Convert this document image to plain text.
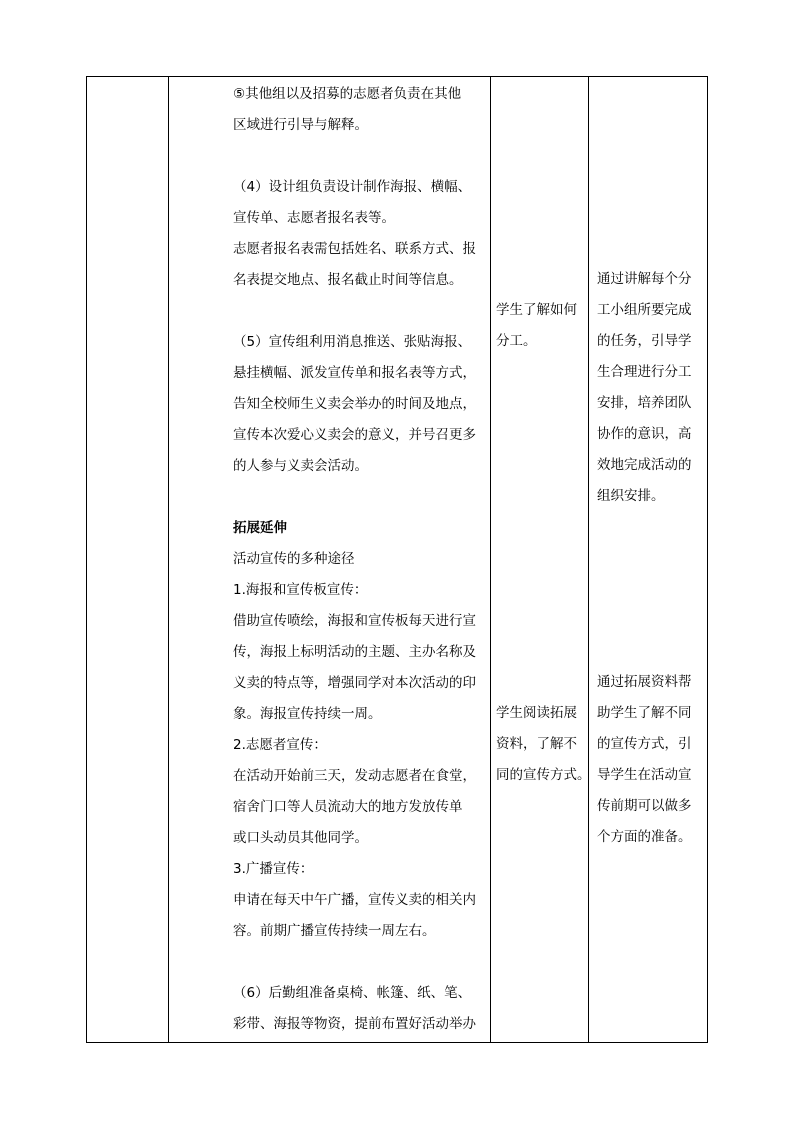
⑤其他组以及招募的志愿者负责在其他

区域进行引导与解释。

（4）设计组负责设计制作海报、横幅、

宣传单、志愿者报名表等。

志愿者报名表需包括姓名、联系方式、报

名表提交地点、报名截止时间等信息。

（5）宣传组利用消息推送、张贴海报、

悬挂横幅、派发宣传单和报名表等方式，

告知全校师生义卖会举办的时间及地点，

宣传本次爱心义卖会的意义，并号召更多

的人参与义卖会活动。

拓展延伸

活动宣传的多种途径

1.海报和宣传板宣传：

借助宣传喷绘，海报和宣传板每天进行宣

传，海报上标明活动的主题、主办名称及

义卖的特点等，增强同学对本次活动的印

象。海报宣传持续一周。

2.志愿者宣传：

在活动开始前三天，发动志愿者在食堂，

宿舍门口等人员流动大的地方发放传单

或口头动员其他同学。

3.广播宣传：

申请在每天中午广播，宣传义卖的相关内

容。前期广播宣传持续一周左右。

（6）后勤组准备桌椅、帐篷、纸、笔、

彩带、海报等物资，提前布置好活动举办

学生了解如何

分工。

学生阅读拓展

资料，了解不

同的宣传方式。

通过讲解每个分

工小组所要完成

的任务，引导学

生合理进行分工

安排，培养团队

协作的意识，高

效地完成活动的

组织安排。

通过拓展资料帮

助学生了解不同

的宣传方式，引

导学生在活动宣

传前期可以做多

个方面的准备。
